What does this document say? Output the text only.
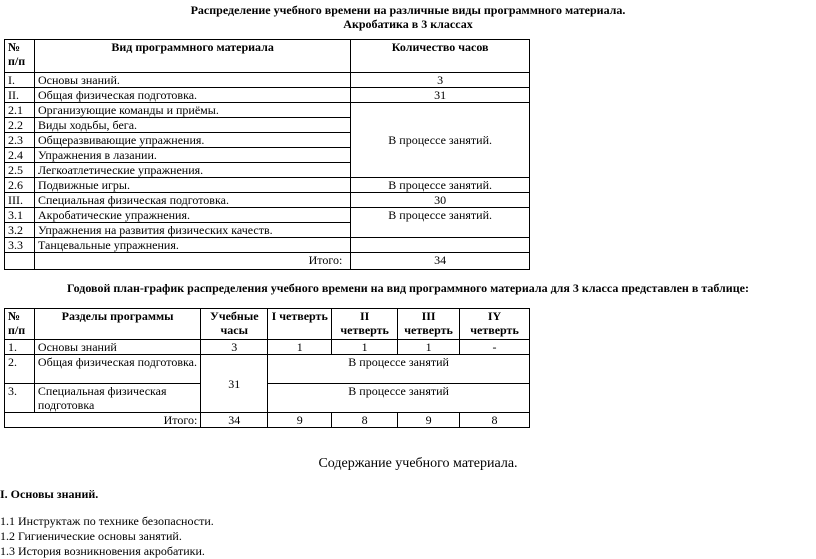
Распределение учебного времени на различные виды программного материала.
Акробатика в 3 классах
№ п/п	Вид программного материала	Количество часов
I.	Основы знаний.	3
II.	Общая физическая подготовка.	31
2.1	Организующие команды и приёмы.	В процессе занятий.
2.2	Виды ходьбы, бега.	
2.3	Общеразвивающие упражнения.	
2.4	Упражнения в лазании.	
2.5	Легкоатлетические упражнения.	
2.6	Подвижные игры.	В процессе занятий.
III.	Специальная физическая подготовка.	30
3.1	Акробатические упражнения.	В процессе занятий.
3.2	Упражнения на развития физических качеств.	
3.3	Танцевальные упражнения.	
	Итого:	34
Годовой план-график распределения учебного времени на вид программного материала для 3 класса представлен в таблице:
№ п/п	Разделы программы	Учебные часы	I четверть	II четверть	III четверть	IY четверть
1.	Основы знаний	3	1	1	1	-
2.	Общая физическая подготовка.	31	В процессе занятий			
3.	Специальная физическая подготовка		В процессе занятий			
Итого:		34	9	8	9	8
Содержание учебного материала.
I. Основы знаний.
1.1 Инструктаж по технике безопасности.
1.2 Гигиенические основы занятий.
1.3 История возникновения акробатики.
